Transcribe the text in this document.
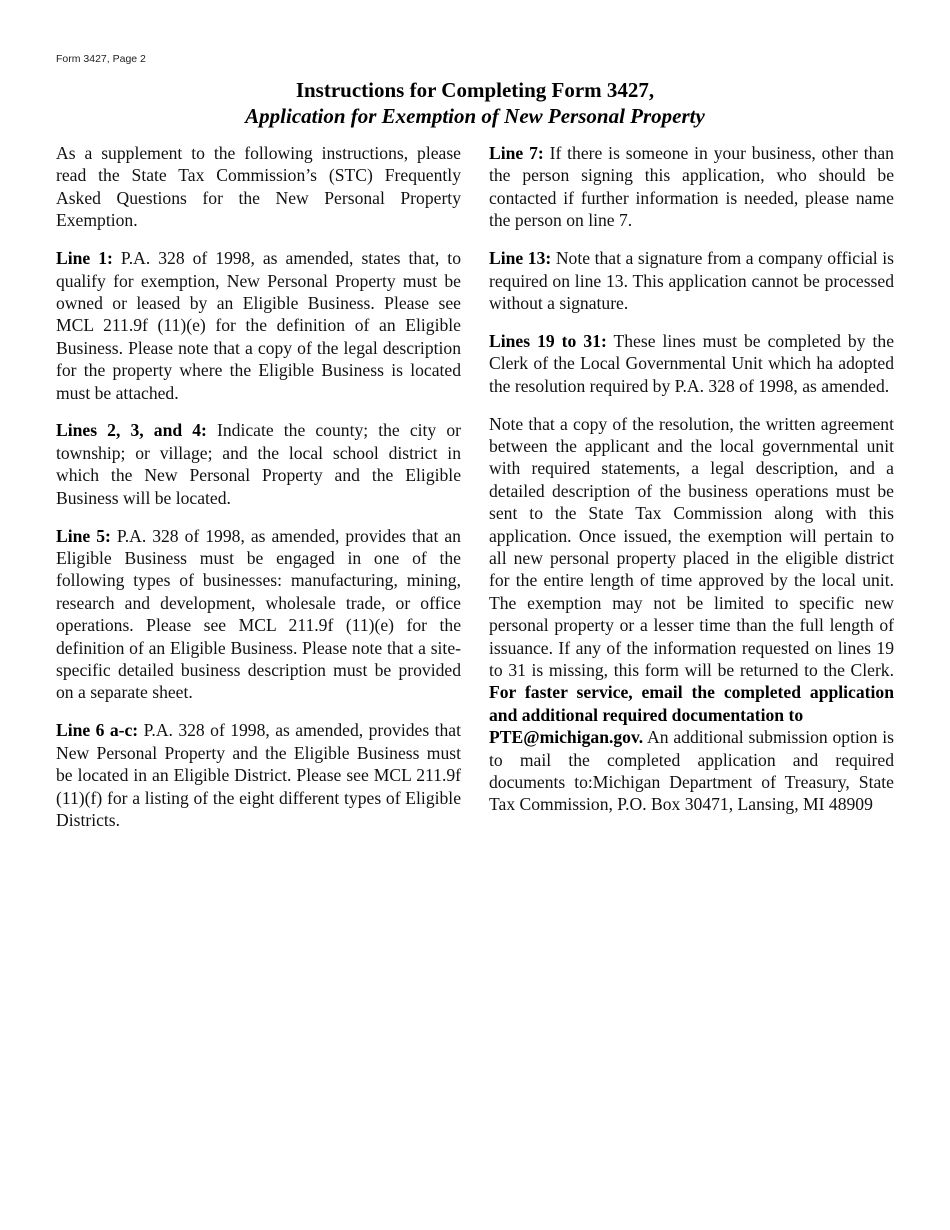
Form 3427, Page 2
Instructions for Completing Form 3427,
Application for Exemption of New Personal Property

As a supplement to the following instructions, please read the State Tax Commission’s (STC) Frequently Asked Questions for the New Personal Property Exemption.

Line 1: P.A. 328 of 1998, as amended, states that, to qualify for exemption, New Personal Property must be owned or leased by an Eligible Business. Please see MCL 211.9f (11)(e) for the definition of an Eligible Business. Please note that a copy of the legal description for the property where the Eligible Business is located must be attached.

Lines 2, 3, and 4: Indicate the county; the city or township; or village; and the local school district in which the New Personal Property and the Eligible Business will be located.

Line 5: P.A. 328 of 1998, as amended, provides that an Eligible Business must be engaged in one of the following types of businesses: manufacturing, mining, research and development, wholesale trade, or office operations. Please see MCL 211.9f (11)(e) for the definition of an Eligible Business. Please note that a site-specific detailed business description must be provided on a separate sheet.

Line 6 a-c: P.A. 328 of 1998, as amended, provides that New Personal Property and the Eligible Business must be located in an Eligible District. Please see MCL 211.9f (11)(f) for a listing of the eight different types of Eligible Districts.

Line 7: If there is someone in your business, other than the person signing this application, who should be contacted if further information is needed, please name the person on line 7.

Line 13: Note that a signature from a company official is required on line 13. This application cannot be processed without a signature.

Lines 19 to 31: These lines must be completed by the Clerk of the Local Governmental Unit which ha adopted the resolution required by P.A. 328 of 1998, as amended.

Note that a copy of the resolution, the written agreement between the applicant and the local governmental unit with required statements, a legal description, and a detailed description of the business operations must be sent to the State Tax Commission along with this application. Once issued, the exemption will pertain to all new personal property placed in the eligible district for the entire length of time approved by the local unit. The exemption may not be limited to specific new personal property or a lesser time than the full length of issuance. If any of the information requested on lines 19 to 31 is missing, this form will be returned to the Clerk. For faster service, email the completed application and additional required documentation to
PTE@michigan.gov. An additional submission option is to mail the completed application and required documents to:Michigan Department of Treasury, State Tax Commission, P.O. Box 30471, Lansing, MI 48909
